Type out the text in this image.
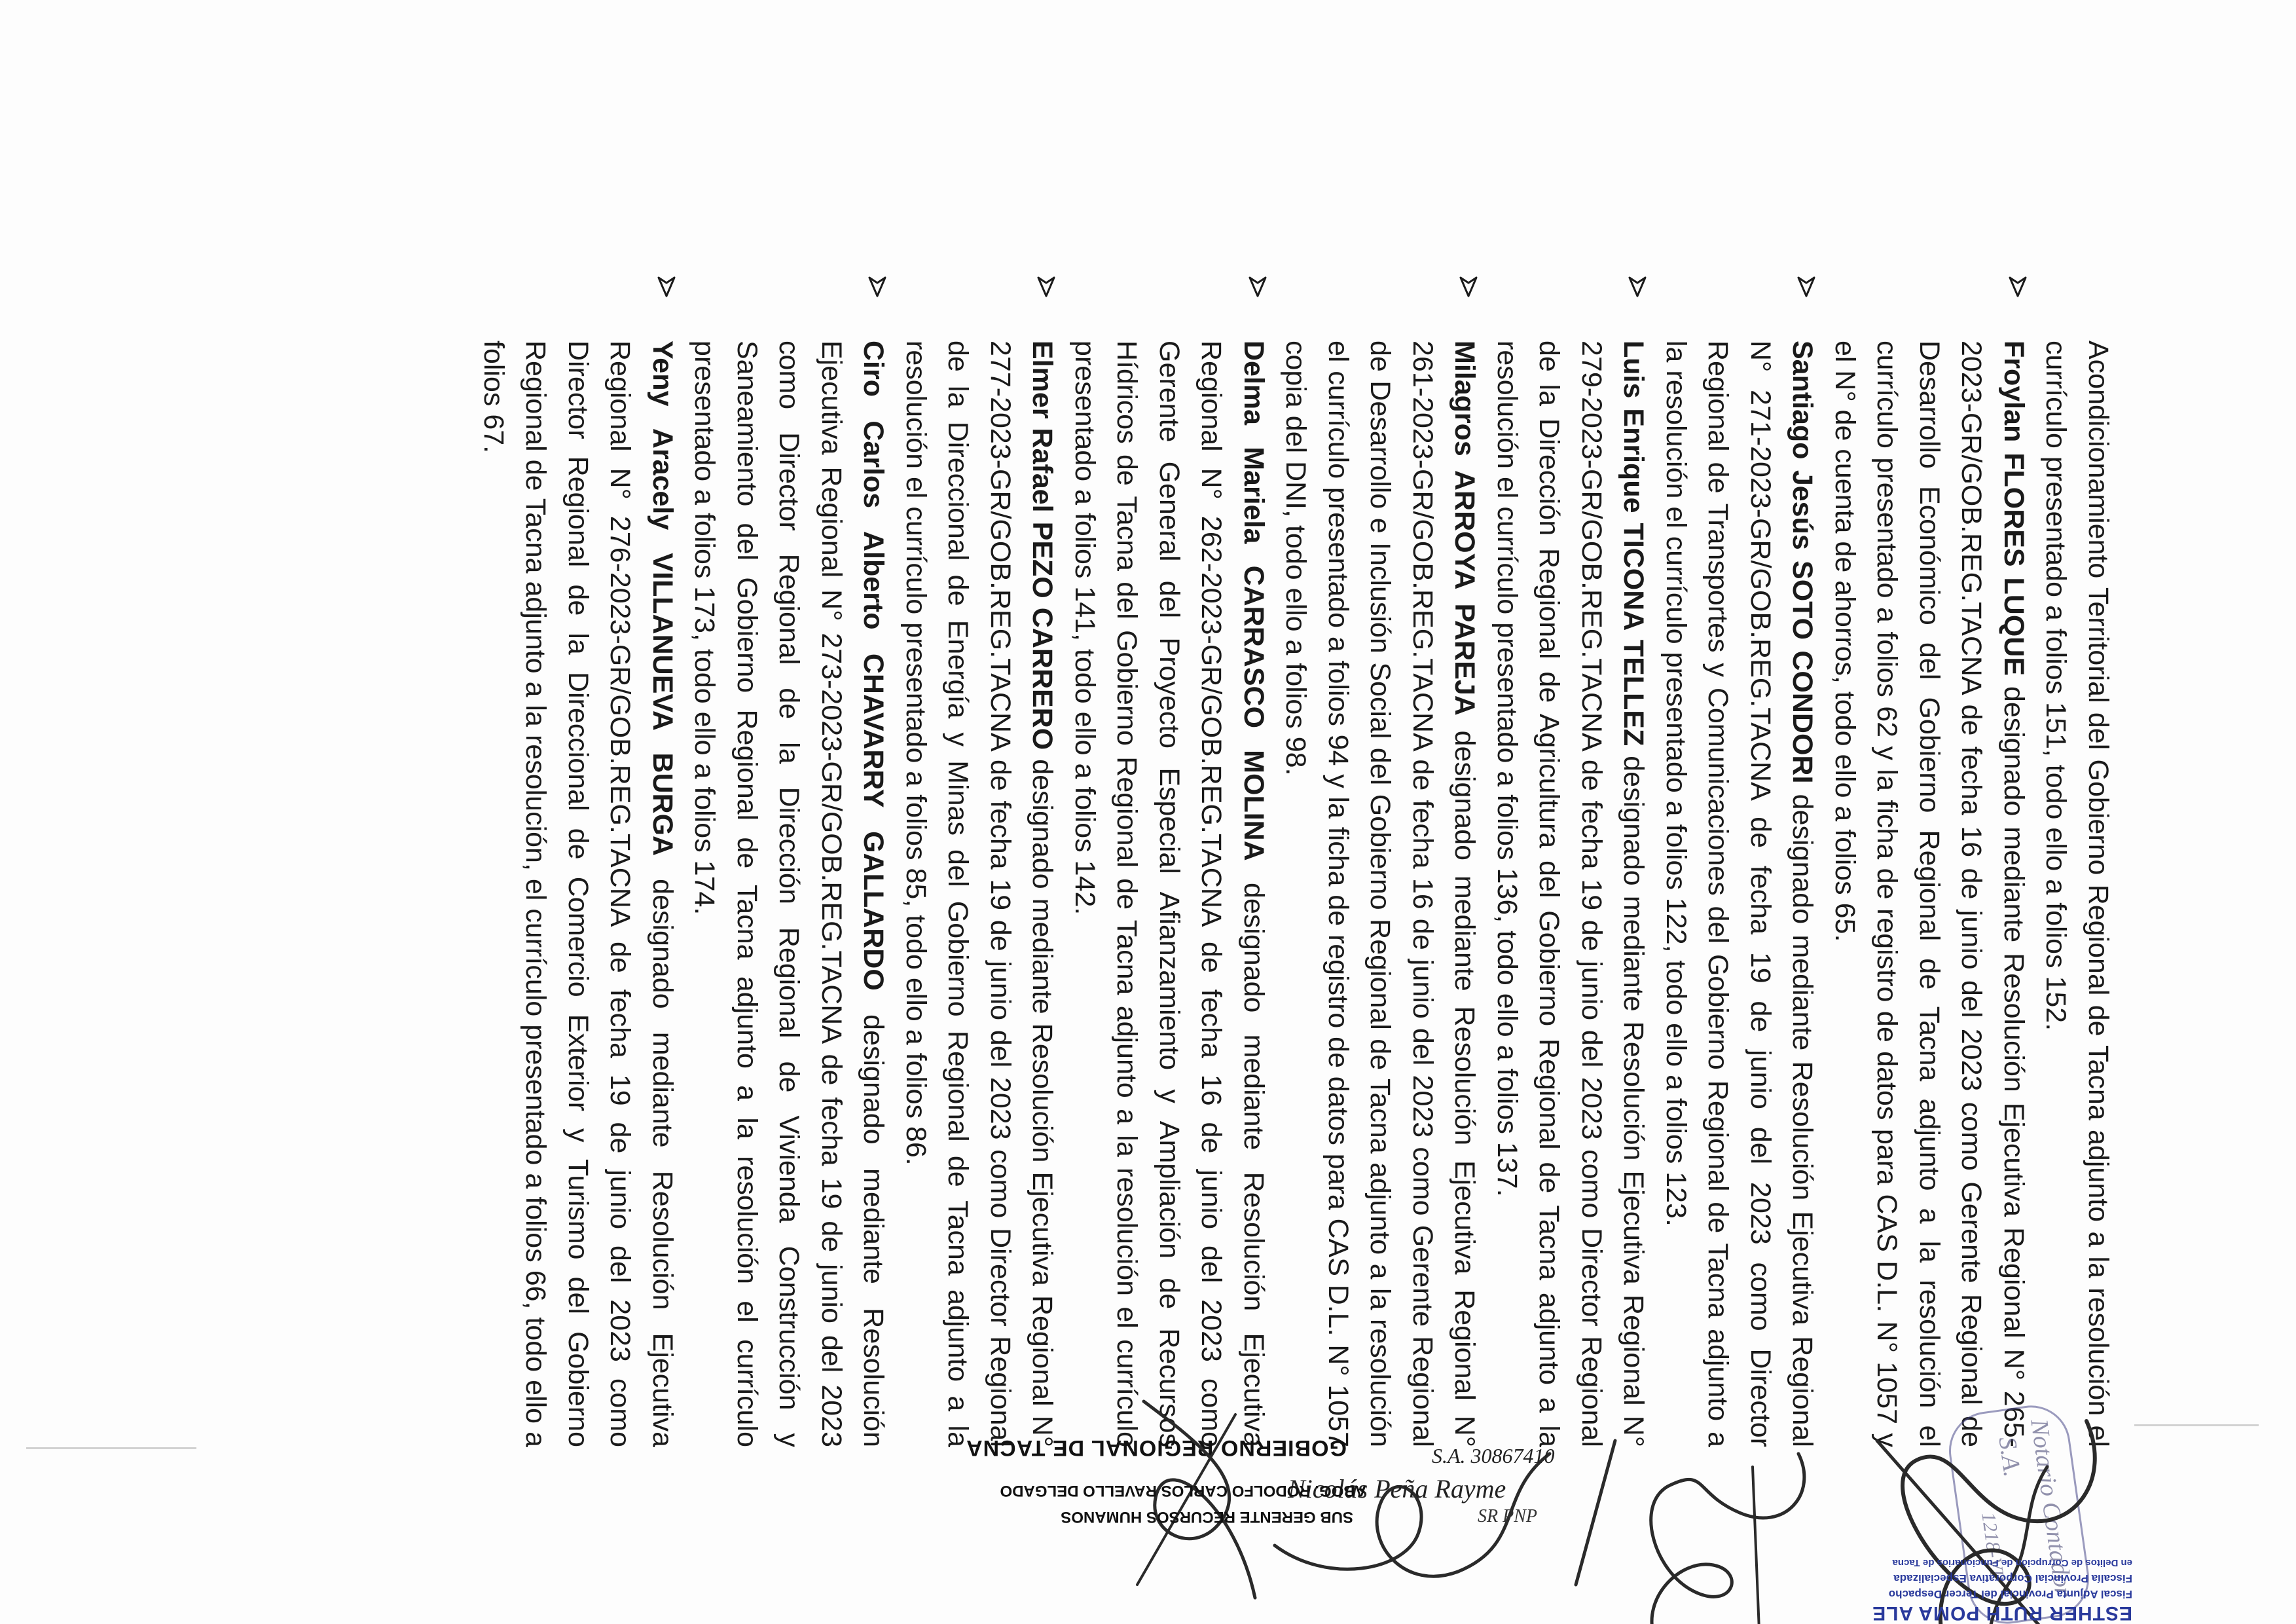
Acondicionamiento Territorial del Gobierno Regional de Tacna adjunto a la resolución el currículo presentado a folios 151, todo ello a folios 152.

Froylan FLORES LUQUE designado mediante Resolución Ejecutiva Regional N° 265-2023-GR/GOB.REG.TACNA de fecha 16 de junio del 2023 como Gerente Regional de Desarrollo Económico del Gobierno Regional de Tacna adjunto a la resolución el currículo presentado a folios 62 y la ficha de registro de datos para CAS D.L. N° 1057 y el N° de cuenta de ahorros, todo ello a folios 65.

Santiago Jesús SOTO CONDORI designado mediante Resolución Ejecutiva Regional N° 271-2023-GR/GOB.REG.TACNA de fecha 19 de junio del 2023 como Director Regional de Transportes y Comunicaciones del Gobierno Regional de Tacna adjunto a la resolución el currículo presentado a folios 122, todo ello a folios 123.

Luis Enrique TICONA TELLEZ designado mediante Resolución Ejecutiva Regional N° 279-2023-GR/GOB.REG.TACNA de fecha 19 de junio del 2023 como Director Regional de la Dirección Regional de Agricultura del Gobierno Regional de Tacna adjunto a la resolución el currículo presentado a folios 136, todo ello a folios 137.

Milagros ARROYA PAREJA designado mediante Resolución Ejecutiva Regional N° 261-2023-GR/GOB.REG.TACNA de fecha 16 de junio del 2023 como Gerente Regional de Desarrollo e Inclusión Social del Gobierno Regional de Tacna adjunto a la resolución el currículo presentado a folios 94 y la ficha de registro de datos para CAS D.L. N° 1057 copia del DNI, todo ello a folios 98.

Delma Mariela CARRASCO MOLINA designado mediante Resolución Ejecutiva Regional N° 262-2023-GR/GOB.REG.TACNA de fecha 16 de junio del 2023 como Gerente General del Proyecto Especial Afianzamiento y Ampliación de Recursos Hídricos de Tacna del Gobierno Regional de Tacna adjunto a la resolución el currículo presentado a folios 141, todo ello a folios 142.

Elmer Rafael PEZO CARRERO designado mediante Resolución Ejecutiva Regional N° 277-2023-GR/GOB.REG.TACNA de fecha 19 de junio del 2023 como Director Regional de la Direccional de Energía y Minas del Gobierno Regional de Tacna adjunto a la resolución el currículo presentado a folios 85, todo ello a folios 86.

Ciro Carlos Alberto CHAVARRY GALLARDO designado mediante Resolución Ejecutiva Regional N° 273-2023-GR/GOB.REG.TACNA de fecha 19 de junio del 2023 como Director Regional de la Dirección Regional de Vivienda Construcción y Saneamiento del Gobierno Regional de Tacna adjunto a la resolución el currículo presentado a folios 173, todo ello a folios 174.

Yeny Aracely VILLANUEVA BURGA designado mediante Resolución Ejecutiva Regional N° 276-2023-GR/GOB.REG.TACNA de fecha 19 de junio del 2023 como Director Regional de la Direccional de Comercio Exterior y Turismo del Gobierno Regional de Tacna adjunto a la resolución, el currículo presentado a folios 66, todo ello a folios 67.

Notario Contador
S.A.
1218-VP
ESTHER RUTH POMA ALE
Fiscal Adjunta Provincial del Tercer Despacho
Fiscalía Provincial Corporativa Especializada
en Delitos de Corrupción de Funcionarios de Tacna
Nicolás Peña Rayme
S.A. 30867410
SR PNP
GOBIERNO REGIONAL DE TACNA
ABOG. RODOLFO CARLOS RAVELLO DELGADO
SUB GERENTE RECURSOS HUMANOS
